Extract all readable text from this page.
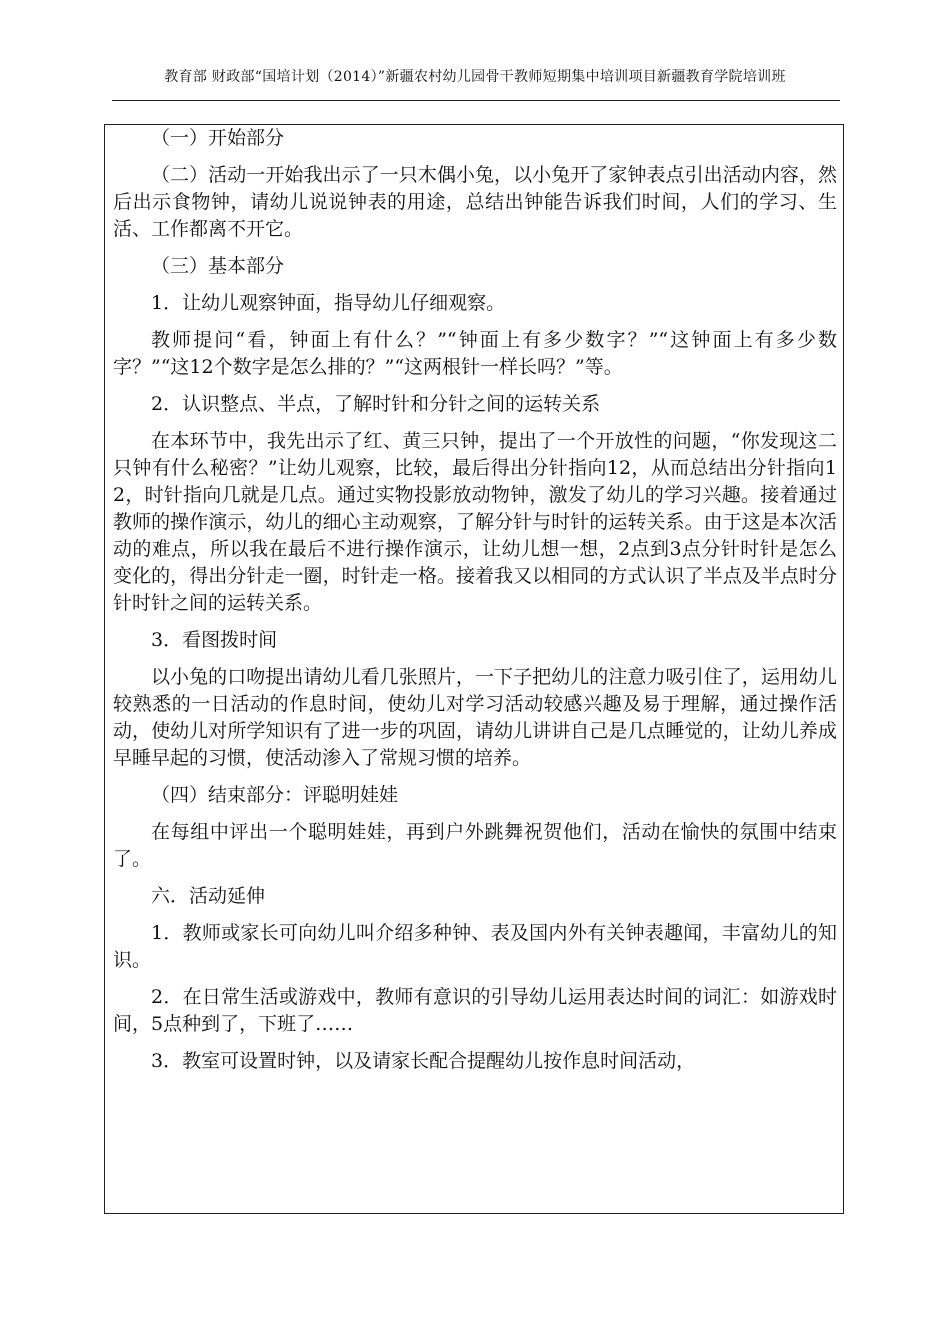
教育部 财政部“国培计划（2014）”新疆农村幼儿园骨干教师短期集中培训项目新疆教育学院培训班

（一）开始部分

（二）活动一开始我出示了一只木偶小兔，以小兔开了家钟表点引出活动内容，然后出示食物钟，请幼儿说说钟表的用途，总结出钟能告诉我们时间，人们的学习、生活、工作都离不开它。

（三）基本部分

1．让幼儿观察钟面，指导幼儿仔细观察。

教师提问“看，钟面上有什么？”“钟面上有多少数字？”“这钟面上有多少数字？”“这12个数字是怎么排的？”“这两根针一样长吗？”等。

2．认识整点、半点，了解时针和分针之间的运转关系

在本环节中，我先出示了红、黄三只钟，提出了一个开放性的问题，“你发现这二只钟有什么秘密？”让幼儿观察，比较，最后得出分针指向12，从而总结出分针指向12，时针指向几就是几点。通过实物投影放动物钟，激发了幼儿的学习兴趣。接着通过教师的操作演示，幼儿的细心主动观察，了解分针与时针的运转关系。由于这是本次活动的难点，所以我在最后不进行操作演示，让幼儿想一想，2点到3点分针时针是怎么变化的，得出分针走一圈，时针走一格。接着我又以相同的方式认识了半点及半点时分针时针之间的运转关系。

3．看图拨时间

以小兔的口吻提出请幼儿看几张照片，一下子把幼儿的注意力吸引住了，运用幼儿较熟悉的一日活动的作息时间，使幼儿对学习活动较感兴趣及易于理解，通过操作活动，使幼儿对所学知识有了进一步的巩固，请幼儿讲讲自己是几点睡觉的，让幼儿养成早睡早起的习惯，使活动渗入了常规习惯的培养。

（四）结束部分：评聪明娃娃

在每组中评出一个聪明娃娃，再到户外跳舞祝贺他们，活动在愉快的氛围中结束了。

六．活动延伸

1．教师或家长可向幼儿叫介绍多种钟、表及国内外有关钟表趣闻，丰富幼儿的知识。

2．在日常生活或游戏中，教师有意识的引导幼儿运用表达时间的词汇：如游戏时间，5点种到了，下班了……

3．教室可设置时钟，以及请家长配合提醒幼儿按作息时间活动，
